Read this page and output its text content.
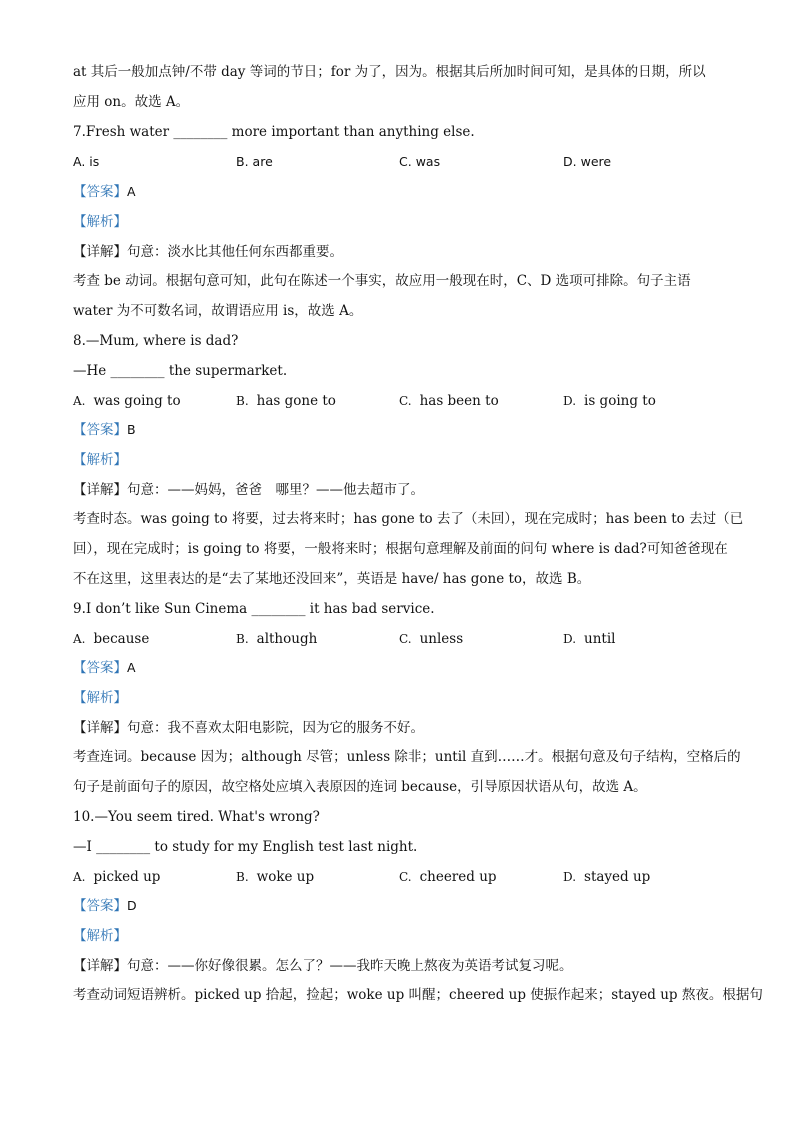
at 其后一般加点钟/不带 day 等词的节日；for 为了，因为。根据其后所加时间可知，是具体的日期，所以
应用 on。故选 A。
7.Fresh water ________ more important than anything else.
A. is	B. are	C. was	D. were
【答案】A
【解析】
【详解】句意：淡水比其他任何东西都重要。
考查 be 动词。根据句意可知，此句在陈述一个事实，故应用一般现在时，C、D 选项可排除。句子主语
water 为不可数名词，故谓语应用 is，故选 A。
8.—Mum, where is dad?
—He ________ the supermarket.
A. was going to	B. has gone to	C. has been to	D. is going to
【答案】B
【解析】
【详解】句意：——妈妈，爸爸　哪里？——他去超市了。
考查时态。was going to 将要，过去将来时；has gone to 去了（未回），现在完成时；has been to 去过（已
回），现在完成时；is going to 将要，一般将来时；根据句意理解及前面的问句 where is dad?可知爸爸现在
不在这里，这里表达的是“去了某地还没回来”，英语是 have/ has gone to，故选 B。
9.I don’t like Sun Cinema ________ it has bad service.
A. because	B. although	C. unless	D. until
【答案】A
【解析】
【详解】句意：我不喜欢太阳电影院，因为它的服务不好。
考查连词。because 因为；although 尽管；unless 除非；until 直到……才。根据句意及句子结构，空格后的
句子是前面句子的原因，故空格处应填入表原因的连词 because，引导原因状语从句，故选 A。
10.—You seem tired. What's wrong?
—I ________ to study for my English test last night.
A. picked up	B. woke up	C. cheered up	D. stayed up
【答案】D
【解析】
【详解】句意：——你好像很累。怎么了？——我昨天晚上熬夜为英语考试复习呢。
考查动词短语辨析。picked up 拾起，捡起；woke up 叫醒；cheered up 使振作起来；stayed up 熬夜。根据句
